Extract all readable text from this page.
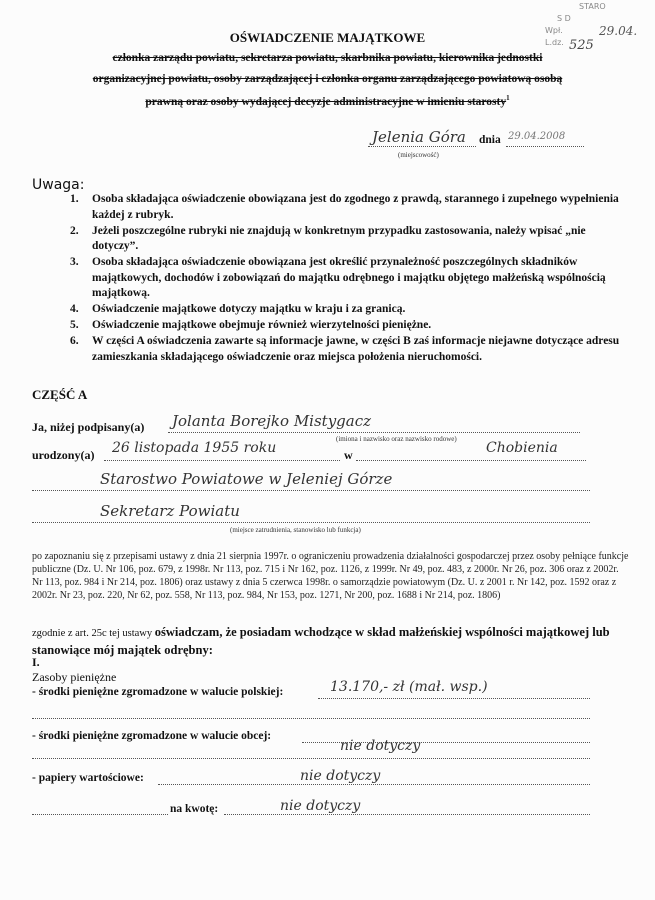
STARO
S D
Wpł.
L.dz.
29.04.
525
OŚWIADCZENIE MAJĄTKOWE
członka zarządu powiatu, sekretarza powiatu, skarbnika powiatu, kierownika jednostki
organizacyjnej powiatu, osoby zarządzającej i członka organu zarządzającego powiatową osobą
prawną oraz osoby wydającej decyzje administracyjne w imieniu starosty$^1$
Jelenia Góra
(miejscowość)
dnia 29.04.2008
Uwaga:
1. Osoba składająca oświadczenie obowiązana jest do zgodnego z prawdą, starannego i zupełnego wypełnienia każdej z rubryk.
2. Jeżeli poszczególne rubryki nie znajdują w konkretnym przypadku zastosowania, należy wpisać „nie dotyczy”.
3. Osoba składająca oświadczenie obowiązana jest określić przynależność poszczególnych składników majątkowych, dochodów i zobowiązań do majątku odrębnego i majątku objętego małżeńską wspólnością majątkową.
4. Oświadczenie majątkowe dotyczy majątku w kraju i za granicą.
5. Oświadczenie majątkowe obejmuje również wierzytelności pieniężne.
6. W części A oświadczenia zawarte są informacje jawne, w części B zaś informacje niejawne dotyczące adresu zamieszkania składającego oświadczenie oraz miejsca położenia nieruchomości.
CZĘŚĆ A
Ja, niżej podpisany(a) Jolanta Borejko Mistygacz
(imiona i nazwisko oraz nazwisko rodowe)
urodzony(a) 26 listopada 1955 roku	w	Chobienia
Starostwo Powiatowe w Jeleniej Górze
Sekretarz Powiatu
(miejsce zatrudnienia, stanowisko lub funkcja)
po zapoznaniu się z przepisami ustawy z dnia 21 sierpnia 1997r. o ograniczeniu prowadzenia działalności gospodarczej przez osoby pełniące funkcje publiczne (Dz. U. Nr 106, poz. 679, z 1998r. Nr 113, poz. 715 i Nr 162, poz. 1126, z 1999r. Nr 49, poz. 483, z 2000r. Nr 26, poz. 306 oraz z 2002r. Nr 113, poz. 984 i Nr 214, poz. 1806) oraz ustawy z dnia 5 czerwca 1998r. o samorządzie powiatowym (Dz. U. z 2001 r. Nr 142, poz. 1592 oraz z 2002r. Nr 23, poz. 220, Nr 62, poz. 558, Nr 113, poz. 984, Nr 153, poz. 1271, Nr 200, poz. 1688 i Nr 214, poz. 1806)
zgodnie z art. 25c tej ustawy oświadczam, że posiadam wchodzące w skład małżeńskiej wspólności majątkowej lub stanowiące mój majątek odrębny:
I.
Zasoby pieniężne
- środki pieniężne zgromadzone w walucie polskiej:	13.170,- zł (mał. wsp.)
- środki pieniężne zgromadzone w walucie obcej:
nie dotyczy
- papiery wartościowe:	nie dotyczy
na kwotę:	nie dotyczy
